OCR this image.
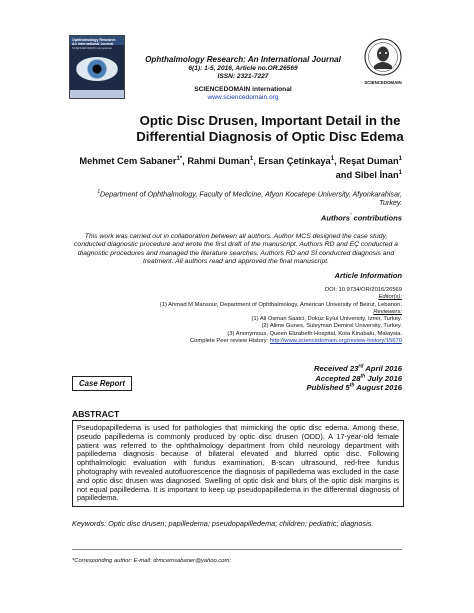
Ophthalmology Research
An International Journal
SCIENCEDOMAIN international
Ophthalmology Research: An International Journal
6(1): 1-5, 2016, Article no.OR.26569
ISSN: 2321-7227
SCIENCEDOMAIN international
www.sciencedomain.org
SCIENCEDOMAIN
Optic Disc Drusen, Important Detail in the
Differential Diagnosis of Optic Disc Edema
Mehmet Cem Sabaner$^{1*}$, Rahmi Duman$^1$, Ersan Çetinkaya$^1$, Reşat Duman$^1$
and Sibel İnan$^1$
$^1$Department of Ophthalmology, Faculty of Medicine, Afyon Kocatepe University, Afyonkarahisar,
Turkey.
Authors’ contributions
This work was carried out in collaboration between all authors. Author MCS designed the case study, conducted diagnostic procedure and wrote the first draft of the manuscript. Authors RD and EÇ conducted a diagnostic procedures and managed the literature searches. Authors RD and Sİ conducted diagnosis and treatment. All authors read and approved the final manuscript.
Article Information
DOI: 10.9734/OR/2016/26569
Editor(s):
(1) Ahmad M Mansour, Department of Ophthalmology, American University of Beirut, Lebanon.
Reviewers:
(1) Ali Osman Saatci, Dokuz Eylul University, Izmir, Turkey.
(2) Alime Gunes, Suleyman Demirel University, Turkey.
(3) Anonymous, Queen Elizabeth Hospital, Kota Kinabalu, Malaysia.
Complete Peer review History: http://www.sciencedomain.org/review-history/15670
Received 23rd April 2016
Accepted 28th July 2016
Published 5th August 2016
Case Report
ABSTRACT
Pseudopapilledema is used for pathologies that mimicking the optic disc edema. Among these, pseudo papilledema is commonly produced by optic disc drusen (ODD). A 17-year-old female patient was referred to the ophthalmology department from child neurology department with papilledema diagnosis because of bilateral elevated and blurred optic disc. Following ophthalmologic evaluation with fundus examination, B-scan ultrasound, red-free fundus photography with revealed autofluorescence the diagnosis of papilledema was excluded in the case and optic disc drusen was diagnosed. Swelling of optic disk and blurs of the optic disk margins is not equal papilledema. It is important to keep up pseudopapilledema in the differential diagnosis of papilledema.
Keywords: Optic disc drusen; papilledema; pseudopapilledema; children; pediatric; diagnosis.
*Corresponding author: E-mail: drmcemsabaner@yahoo.com;
